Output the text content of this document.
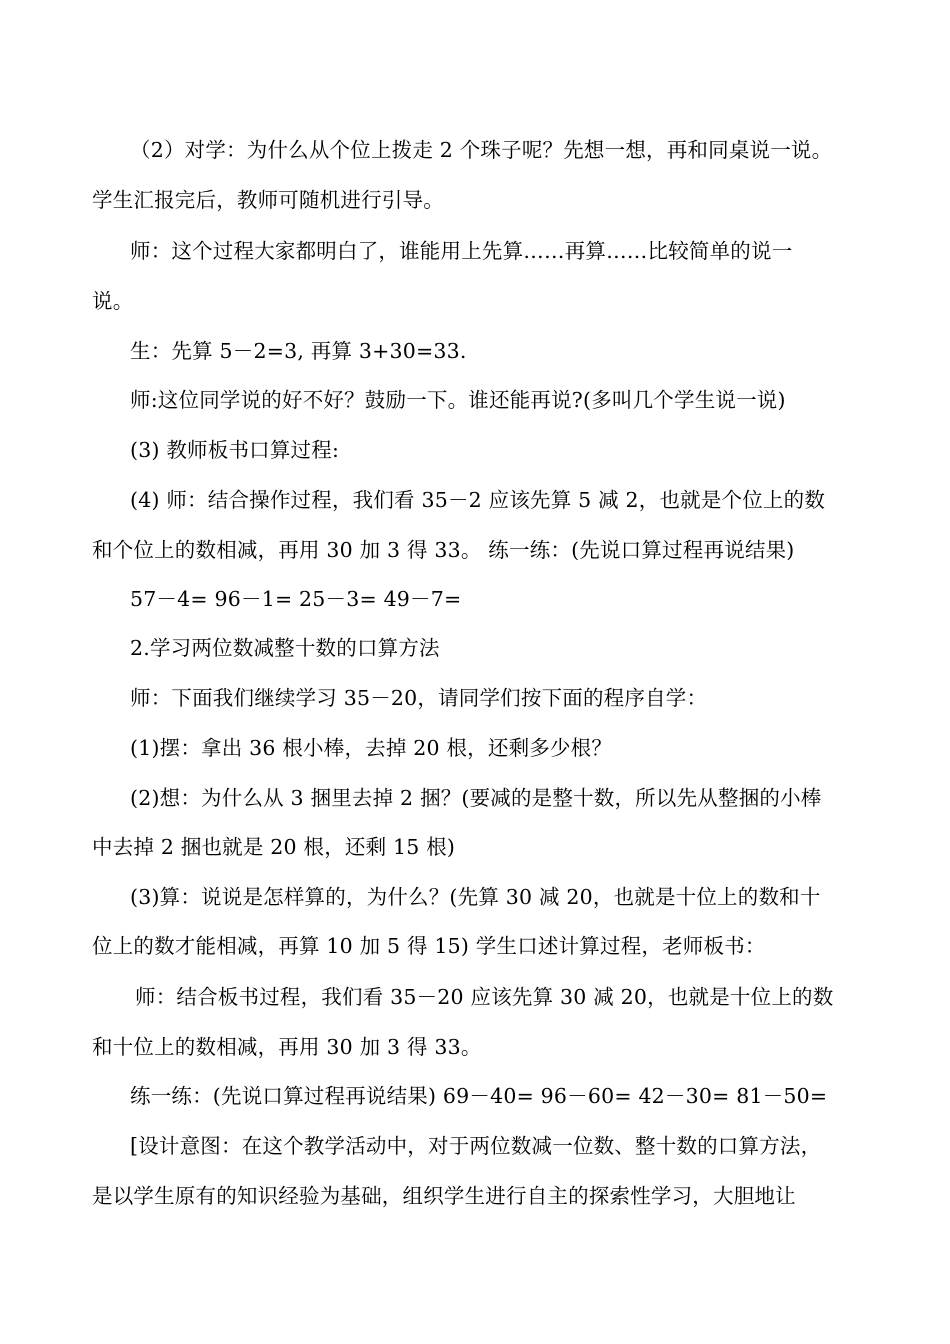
（2）对学：为什么从个位上拨走 2 个珠子呢？先想一想，再和同桌说一说。
学生汇报完后，教师可随机进行引导。
师：这个过程大家都明白了，谁能用上先算……再算……比较简单的说一
说。
生：先算 5－2=3, 再算 3+30=33.
师:这位同学说的好不好？鼓励一下。谁还能再说?(多叫几个学生说一说)
(3) 教师板书口算过程:
(4) 师：结合操作过程，我们看 35－2 应该先算 5 减 2，也就是个位上的数
和个位上的数相减，再用 30 加 3 得 33。 练一练：(先说口算过程再说结果)
57－4= 96－1= 25－3= 49－7=
2.学习两位数减整十数的口算方法
师：下面我们继续学习 35－20，请同学们按下面的程序自学：
(1)摆：拿出 36 根小棒，去掉 20 根，还剩多少根？
(2)想：为什么从 3 捆里去掉 2 捆？(要减的是整十数，所以先从整捆的小棒
中去掉 2 捆也就是 20 根，还剩 15 根)
(3)算：说说是怎样算的，为什么？(先算 30 减 20，也就是十位上的数和十
位上的数才能相减，再算 10 加 5 得 15) 学生口述计算过程，老师板书：
师：结合板书过程，我们看 35－20 应该先算 30 减 20，也就是十位上的数
和十位上的数相减，再用 30 加 3 得 33。
练一练：(先说口算过程再说结果) 69－40= 96－60= 42－30= 81－50=
[设计意图：在这个教学活动中，对于两位数减一位数、整十数的口算方法，
是以学生原有的知识经验为基础，组织学生进行自主的探索性学习，大胆地让
